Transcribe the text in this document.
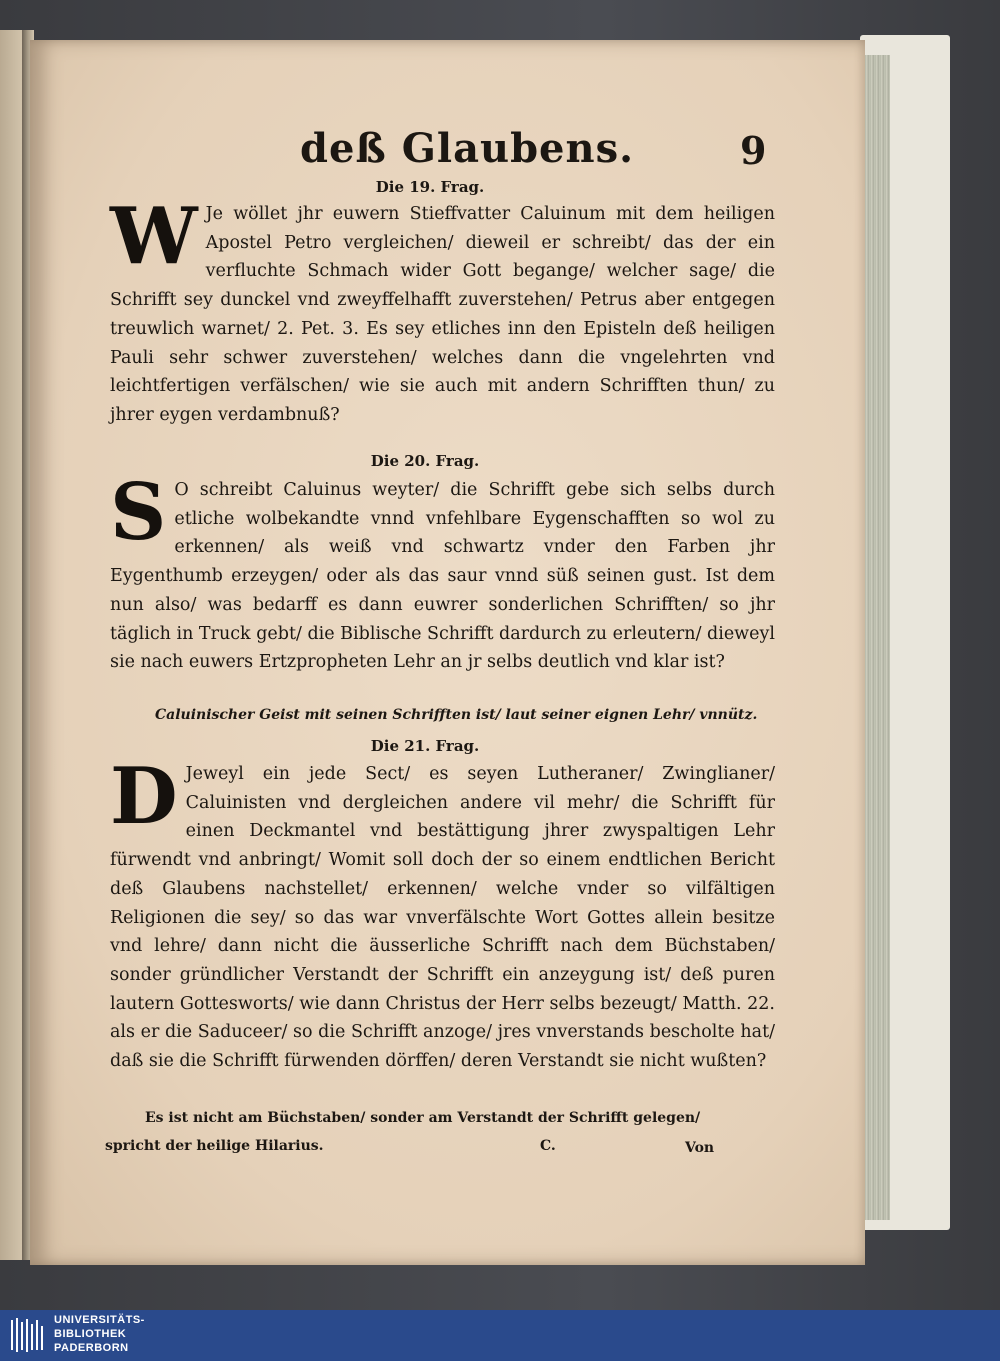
deß Glaubens.	9
Die 19. Frag.
W Je wöllet jhr euwern Stieffvatter Caluinum mit dem heiligen Apostel Petro vergleichen/ dieweil er schreibt/ das der ein verfluchte Schmach wider Gott begange/ welcher sage/ die Schrifft sey dunckel vnd zweyffelhafft zuverstehen/ Petrus aber entgegen treuwlich warnet/ 2. Pet. 3. Es sey etliches inn den Episteln deß heiligen Pauli sehr schwer zuverstehen/ welches dann die vngelehrten vnd leichtfertigen verfälschen/ wie sie auch mit andern Schrifften thun/ zu jhrer eygen verdambnuß?
Die 20. Frag.
S O schreibt Caluinus weyter/ die Schrifft gebe sich selbs durch etliche wolbekandte vnnd vnfehlbare Eygenschafften so wol zu erkennen/ als weiß vnd schwartz vnder den Farben jhr Eygenthumb erzeygen/ oder als das saur vnnd süß seinen gust. Ist dem nun also/ was bedarff es dann euwrer sonderlichen Schrifften/ so jhr täglich in Truck gebt/ die Biblische Schrifft dardurch zu erleutern/ dieweyl sie nach euwers Ertzpropheten Lehr an jr selbs deutlich vnd klar ist?
Caluinischer Geist mit seinen Schrifften ist/ laut seiner eignen Lehr/ vnnütz.
Die 21. Frag.
D Jeweyl ein jede Sect/ es seyen Lutheraner/ Zwinglianer/ Caluinisten vnd dergleichen andere vil mehr/ die Schrifft für einen Deckmantel vnd bestättigung jhrer zwyspaltigen Lehr fürwendt vnd anbringt/ Womit soll doch der so einem endtlichen Bericht deß Glaubens nachstellet/ erkennen/ welche vnder so vilfältigen Religionen die sey/ so das war vnverfälschte Wort Gottes allein besitze vnd lehre/ dann nicht die äusserliche Schrifft nach dem Büchstaben/ sonder gründlicher Verstandt der Schrifft ein anzeygung ist/ deß puren lautern Gottesworts/ wie dann Christus der Herr selbs bezeugt/ Matth. 22. als er die Saduceer/ so die Schrifft anzoge/ jres vnverstands bescholte hat/ daß sie die Schrifft fürwenden dörffen/ deren Verstandt sie nicht wußten?
Es ist nicht am Büchstaben/ sonder am Verstandt der Schrifft gelegen/
spricht der heilige Hilarius.	C.	Von
UNIVERSITÄTS-
BIBLIOTHEK
PADERBORN
